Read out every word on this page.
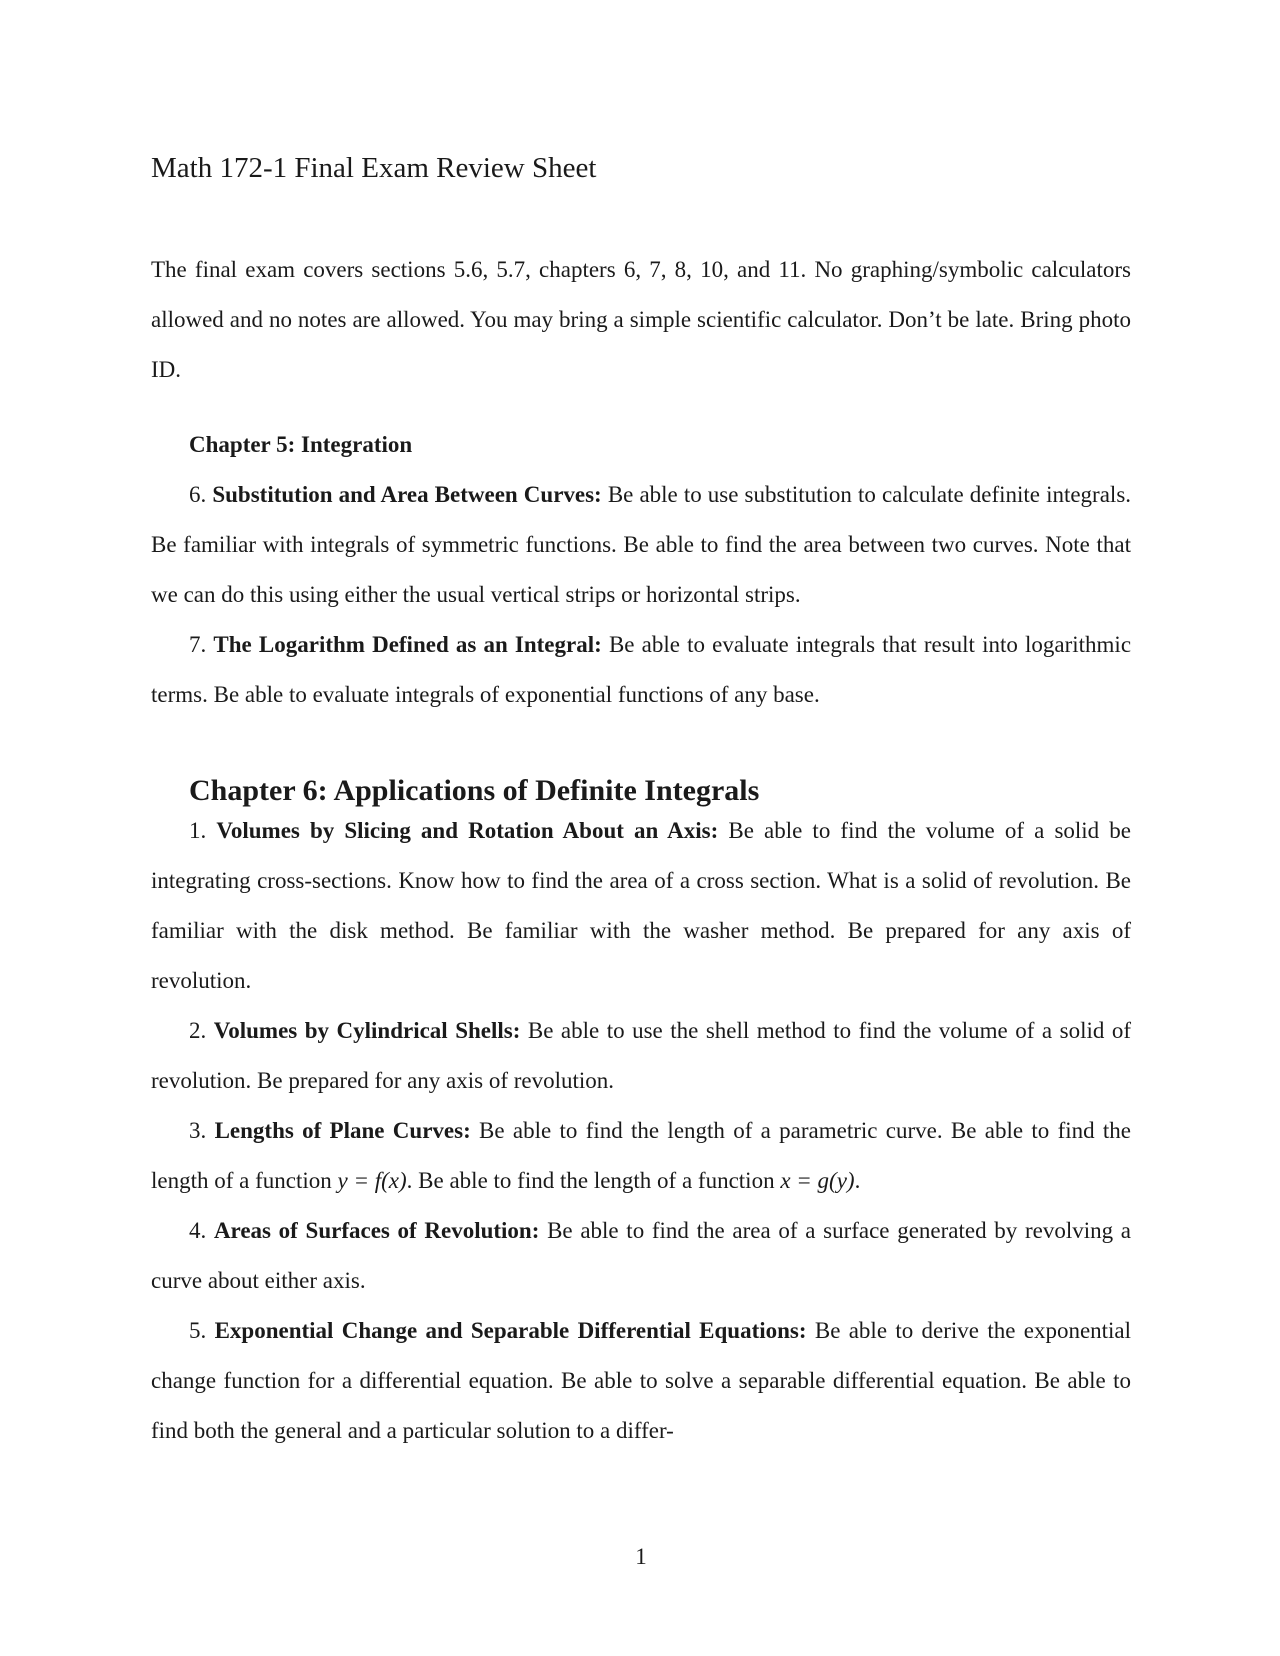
Math 172-1 Final Exam Review Sheet

The final exam covers sections 5.6, 5.7, chapters 6, 7, 8, 10, and 11. No graphing/symbolic calculators allowed and no notes are allowed. You may bring a simple scientific calculator. Don’t be late. Bring photo ID.

Chapter 5: Integration

6. Substitution and Area Between Curves: Be able to use substitution to calculate definite integrals. Be familiar with integrals of symmetric functions. Be able to find the area between two curves. Note that we can do this using either the usual vertical strips or horizontal strips.

7. The Logarithm Defined as an Integral: Be able to evaluate integrals that result into logarithmic terms. Be able to evaluate integrals of exponential functions of any base.

Chapter 6: Applications of Definite Integrals

1. Volumes by Slicing and Rotation About an Axis: Be able to find the volume of a solid be integrating cross-sections. Know how to find the area of a cross section. What is a solid of revolution. Be familiar with the disk method. Be familiar with the washer method. Be prepared for any axis of revolution.

2. Volumes by Cylindrical Shells: Be able to use the shell method to find the volume of a solid of revolution. Be prepared for any axis of revolution.

3. Lengths of Plane Curves: Be able to find the length of a parametric curve. Be able to find the length of a function y = f(x). Be able to find the length of a function x = g(y).

4. Areas of Surfaces of Revolution: Be able to find the area of a surface generated by revolving a curve about either axis.

5. Exponential Change and Separable Differential Equations: Be able to derive the exponential change function for a differential equation. Be able to solve a separable differential equation. Be able to find both the general and a particular solution to a differ-

1
